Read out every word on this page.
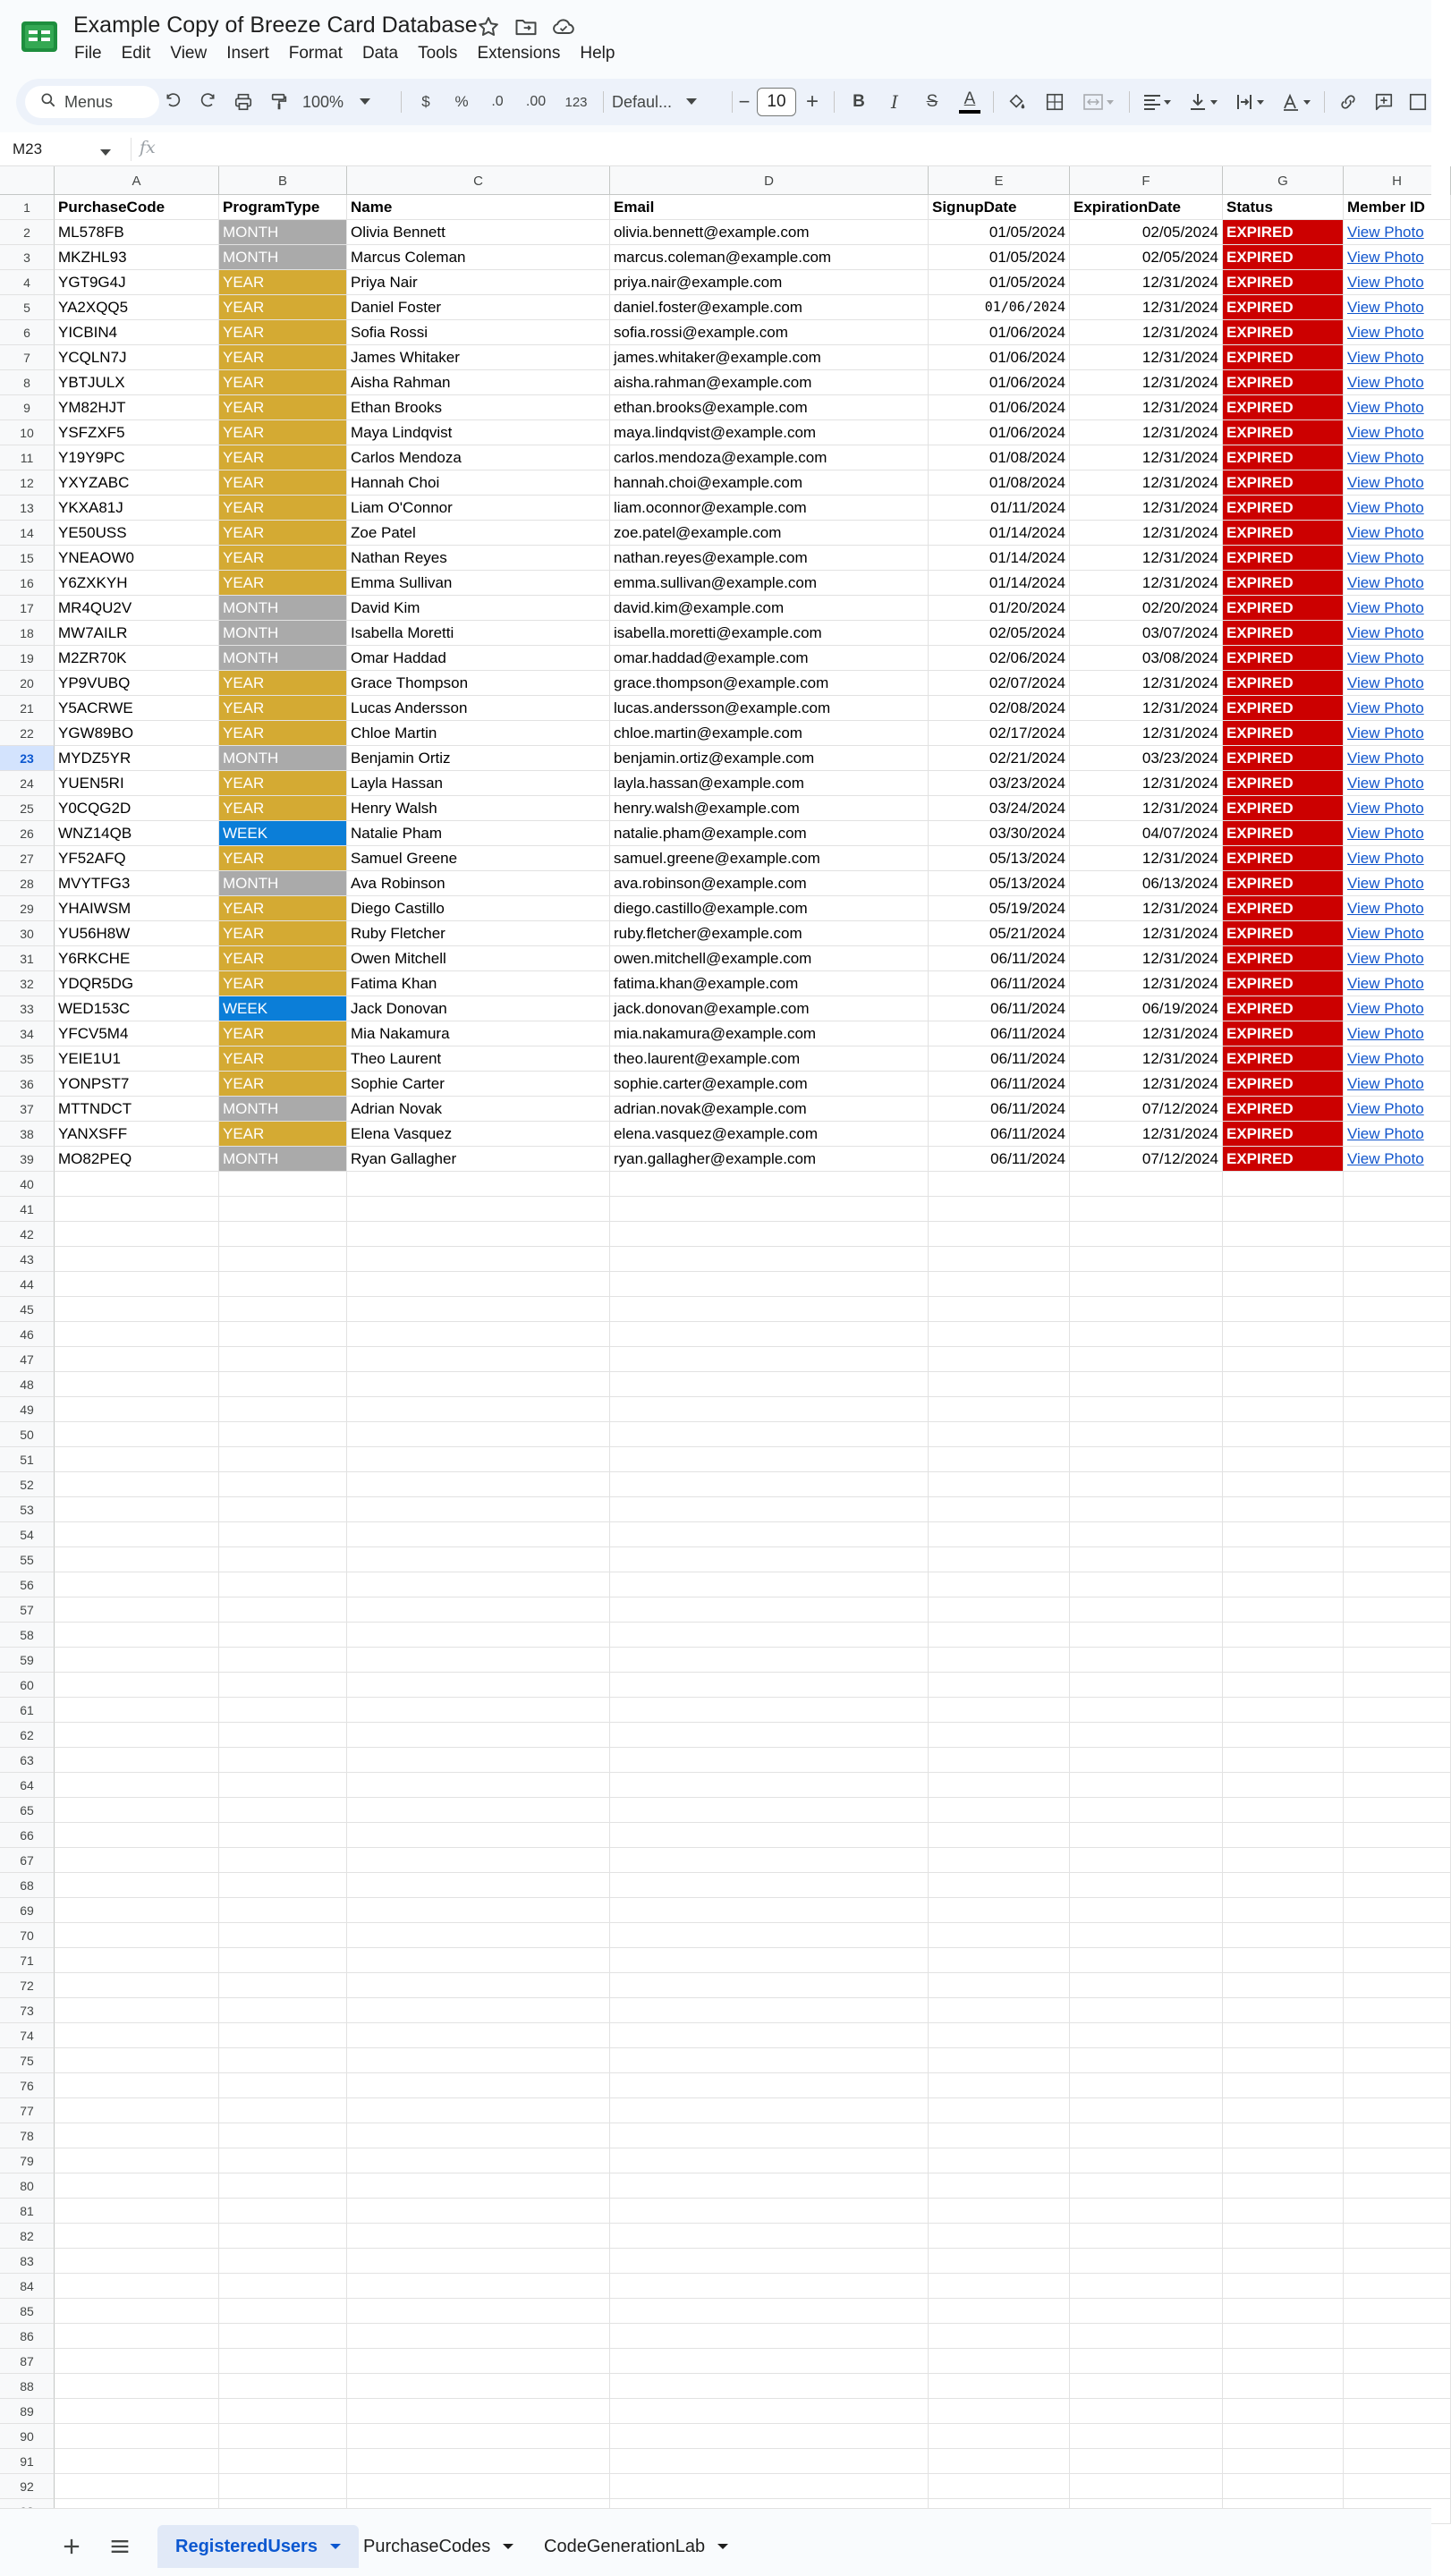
Example Copy of Breeze Card Database
File	Edit	View	Insert	Format	Data	Tools	Extensions	Help
Menus	100%	$	%	.0	.00	123	Defaul...	−	10 +	B	I	S	A
M23	fx
A	B	C	D	E	F	G	H
1	PurchaseCode	ProgramType	Name	Email	SignupDate	ExpirationDate	Status	Member ID
2	ML578FB	MONTH	Olivia Bennett	olivia.bennett@example.com	01/05/2024	02/05/2024 EXPIRED	View Photo
3	MKZHL93	MONTH	Marcus Coleman	marcus.coleman@example.com	01/05/2024	02/05/2024 EXPIRED	View Photo
4	YGT9G4J	YEAR	Priya Nair	priya.nair@example.com	01/05/2024	12/31/2024 EXPIRED	View Photo
5	YA2XQQ5	YEAR	Daniel Foster	daniel.foster@example.com	01/06/2024	12/31/2024 EXPIRED	View Photo
6	YICBIN4	YEAR	Sofia Rossi	sofia.rossi@example.com	01/06/2024	12/31/2024 EXPIRED	View Photo
7	YCQLN7J	YEAR	James Whitaker	james.whitaker@example.com	01/06/2024	12/31/2024 EXPIRED	View Photo
8	YBTJULX	YEAR	Aisha Rahman	aisha.rahman@example.com	01/06/2024	12/31/2024 EXPIRED	View Photo
9	YM82HJT	YEAR	Ethan Brooks	ethan.brooks@example.com	01/06/2024	12/31/2024 EXPIRED	View Photo
10	YSFZXF5	YEAR	Maya Lindqvist	maya.lindqvist@example.com	01/06/2024	12/31/2024 EXPIRED	View Photo
11	Y19Y9PC	YEAR	Carlos Mendoza	carlos.mendoza@example.com	01/08/2024	12/31/2024 EXPIRED	View Photo
12	YXYZABC	YEAR	Hannah Choi	hannah.choi@example.com	01/08/2024	12/31/2024 EXPIRED	View Photo
13	YKXA81J	YEAR	Liam O'Connor	liam.oconnor@example.com	01/11/2024	12/31/2024 EXPIRED	View Photo
14	YE50USS	YEAR	Zoe Patel	zoe.patel@example.com	01/14/2024	12/31/2024 EXPIRED	View Photo
15	YNEAOW0	YEAR	Nathan Reyes	nathan.reyes@example.com	01/14/2024	12/31/2024 EXPIRED	View Photo
16	Y6ZXKYH	YEAR	Emma Sullivan	emma.sullivan@example.com	01/14/2024	12/31/2024 EXPIRED	View Photo
17	MR4QU2V	MONTH	David Kim	david.kim@example.com	01/20/2024	02/20/2024 EXPIRED	View Photo
18	MW7AILR	MONTH	Isabella Moretti	isabella.moretti@example.com	02/05/2024	03/07/2024 EXPIRED	View Photo
19	M2ZR70K	MONTH	Omar Haddad	omar.haddad@example.com	02/06/2024	03/08/2024 EXPIRED	View Photo
20	YP9VUBQ	YEAR	Grace Thompson	grace.thompson@example.com	02/07/2024	12/31/2024 EXPIRED	View Photo
21	Y5ACRWE	YEAR	Lucas Andersson	lucas.andersson@example.com	02/08/2024	12/31/2024 EXPIRED	View Photo
22	YGW89BO	YEAR	Chloe Martin	chloe.martin@example.com	02/17/2024	12/31/2024 EXPIRED	View Photo
23	MYDZ5YR	MONTH	Benjamin Ortiz	benjamin.ortiz@example.com	02/21/2024	03/23/2024 EXPIRED	View Photo
24	YUEN5RI	YEAR	Layla Hassan	layla.hassan@example.com	03/23/2024	12/31/2024 EXPIRED	View Photo
25	Y0CQG2D	YEAR	Henry Walsh	henry.walsh@example.com	03/24/2024	12/31/2024 EXPIRED	View Photo
26	WNZ14QB	WEEK	Natalie Pham	natalie.pham@example.com	03/30/2024	04/07/2024 EXPIRED	View Photo
27	YF52AFQ	YEAR	Samuel Greene	samuel.greene@example.com	05/13/2024	12/31/2024 EXPIRED	View Photo
28	MVYTFG3	MONTH	Ava Robinson	ava.robinson@example.com	05/13/2024	06/13/2024 EXPIRED	View Photo
29	YHAIWSM	YEAR	Diego Castillo	diego.castillo@example.com	05/19/2024	12/31/2024 EXPIRED	View Photo
30	YU56H8W	YEAR	Ruby Fletcher	ruby.fletcher@example.com	05/21/2024	12/31/2024 EXPIRED	View Photo
31	Y6RKCHE	YEAR	Owen Mitchell	owen.mitchell@example.com	06/11/2024	12/31/2024 EXPIRED	View Photo
32	YDQR5DG	YEAR	Fatima Khan	fatima.khan@example.com	06/11/2024	12/31/2024 EXPIRED	View Photo
33	WED153C	WEEK	Jack Donovan	jack.donovan@example.com	06/11/2024	06/19/2024 EXPIRED	View Photo
34	YFCV5M4	YEAR	Mia Nakamura	mia.nakamura@example.com	06/11/2024	12/31/2024 EXPIRED	View Photo
35	YEIE1U1	YEAR	Theo Laurent	theo.laurent@example.com	06/11/2024	12/31/2024 EXPIRED	View Photo
36	YONPST7	YEAR	Sophie Carter	sophie.carter@example.com	06/11/2024	12/31/2024 EXPIRED	View Photo
37	MTTNDCT	MONTH	Adrian Novak	adrian.novak@example.com	06/11/2024	07/12/2024 EXPIRED	View Photo
38	YANXSFF	YEAR	Elena Vasquez	elena.vasquez@example.com	06/11/2024	12/31/2024 EXPIRED	View Photo
39	MO82PEQ	MONTH	Ryan Gallagher	ryan.gallagher@example.com	06/11/2024	07/12/2024 EXPIRED	View Photo
40
41
42
43
44
45
46
47
48
49
50
51
52
53
54
55
56
57
58
59
60
61
62
63
64
65
66
67
68
69
70
71
72
73
74
75
76
77
78
79
80
81
82
83
84
85
86
87
88
89
90
91
92
RegisteredUsers	PurchaseCodes	CodeGenerationLab
